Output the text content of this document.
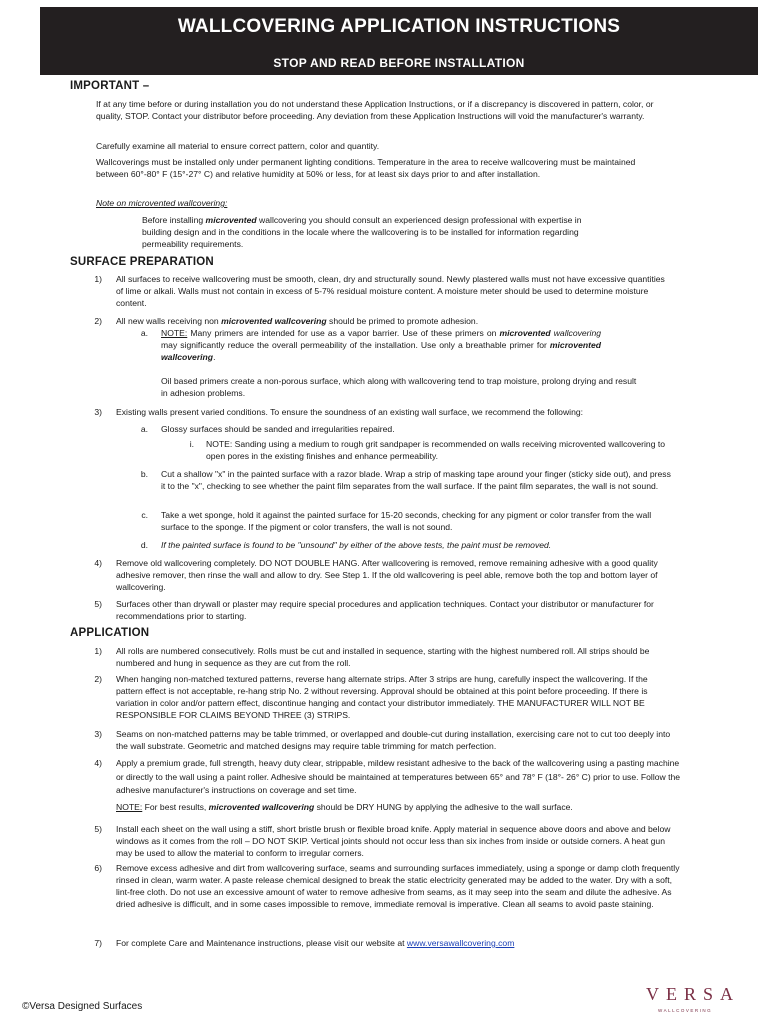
WALLCOVERING APPLICATION INSTRUCTIONS
STOP AND READ BEFORE INSTALLATION
IMPORTANT –

If at any time before or during installation you do not understand these Application Instructions, or if a discrepancy is discovered in pattern, color, or quality, STOP. Contact your distributor before proceeding. Any deviation from these Application Instructions will void the manufacturer's warranty.

Carefully examine all material to ensure correct pattern, color and quantity.

Wallcoverings must be installed only under permanent lighting conditions. Temperature in the area to receive wallcovering must be maintained between 60°-80° F (15°-27° C) and relative humidity at 50% or less, for at least six days prior to and after installation.

Note on microvented wallcovering:

Before installing microvented wallcovering you should consult an experienced design professional with expertise in building design and in the conditions in the locale where the wallcovering is to be installed for information regarding permeability requirements.

SURFACE PREPARATION
1) All surfaces to receive wallcovering must be smooth, clean, dry and structurally sound. Newly plastered walls must not have excessive quantities of lime or alkali. Walls must not contain in excess of 5-7% residual moisture content. A moisture meter should be used to determine moisture content.

2) All new walls receiving non microvented wallcovering should be primed to promote adhesion.

a. NOTE: Many primers are intended for use as a vapor barrier. Use of these primers on microvented wallcovering may significantly reduce the overall permeability of the installation. Use only a breathable primer for microvented wallcovering.

Oil based primers create a non-porous surface, which along with wallcovering tend to trap moisture, prolong drying and result in adhesion problems.

3) Existing walls present varied conditions. To ensure the soundness of an existing wall surface, we recommend the following:

a. Glossy surfaces should be sanded and irregularities repaired.

i. NOTE: Sanding using a medium to rough grit sandpaper is recommended on walls receiving microvented wallcovering to open pores in the existing finishes and enhance permeability.

b. Cut a shallow "x" in the painted surface with a razor blade. Wrap a strip of masking tape around your finger (sticky side out), and press it to the "x", checking to see whether the paint film separates from the wall surface. If the paint film separates, the wall is not sound.

c. Take a wet sponge, hold it against the painted surface for 15-20 seconds, checking for any pigment or color transfer from the wall surface to the sponge. If the pigment or color transfers, the wall is not sound.

d. If the painted surface is found to be "unsound" by either of the above tests, the paint must be removed.

4) Remove old wallcovering completely. DO NOT DOUBLE HANG. After wallcovering is removed, remove remaining adhesive with a good quality adhesive remover, then rinse the wall and allow to dry. See Step 1. If the old wallcovering is peel able, remove both the top and bottom layer of wallcovering.

5) Surfaces other than drywall or plaster may require special procedures and application techniques. Contact your distributor or manufacturer for recommendations prior to starting.

APPLICATION
1) All rolls are numbered consecutively. Rolls must be cut and installed in sequence, starting with the highest numbered roll. All strips should be numbered and hung in sequence as they are cut from the roll.

2) When hanging non-matched textured patterns, reverse hang alternate strips. After 3 strips are hung, carefully inspect the wallcovering. If the pattern effect is not acceptable, re-hang strip No. 2 without reversing. Approval should be obtained at this point before proceeding. If there is variation in color and/or pattern effect, discontinue hanging and contact your distributor immediately. THE MANUFACTURER WILL NOT BE RESPONSIBLE FOR CLAIMS BEYOND THREE (3) STRIPS.

3) Seams on non-matched patterns may be table trimmed, or overlapped and double-cut during installation, exercising care not to cut too deeply into the wall substrate. Geometric and matched designs may require table trimming for match perfection.

4) Apply a premium grade, full strength, heavy duty clear, strippable, mildew resistant adhesive to the back of the wallcovering using a pasting machine or directly to the wall using a paint roller. Adhesive should be maintained at temperatures between 65° and 78° F (18°- 26° C) prior to use. Follow the adhesive manufacturer's instructions on coverage and set time.

NOTE: For best results, microvented wallcovering should be DRY HUNG by applying the adhesive to the wall surface.

5) Install each sheet on the wall using a stiff, short bristle brush or flexible broad knife. Apply material in sequence above doors and above and below windows as it comes from the roll – DO NOT SKIP. Vertical joints should not occur less than six inches from inside or outside corners. A heat gun may be used to allow the material to conform to irregular corners.

6) Remove excess adhesive and dirt from wallcovering surface, seams and surrounding surfaces immediately, using a sponge or damp cloth frequently rinsed in clean, warm water. A paste release chemical designed to break the static electricity generated may be added to the water. Dry with a soft, lint-free cloth. Do not use an excessive amount of water to remove adhesive from seams, as it may seep into the seam and dilute the adhesive. As dried adhesive is difficult, and in some cases impossible to remove, immediate removal is imperative. Clean all seams to avoid paste staining.

7) For complete Care and Maintenance instructions, please visit our website at www.versawallcovering.com

©Versa Designed Surfaces
VERSA
WALLCOVERING
